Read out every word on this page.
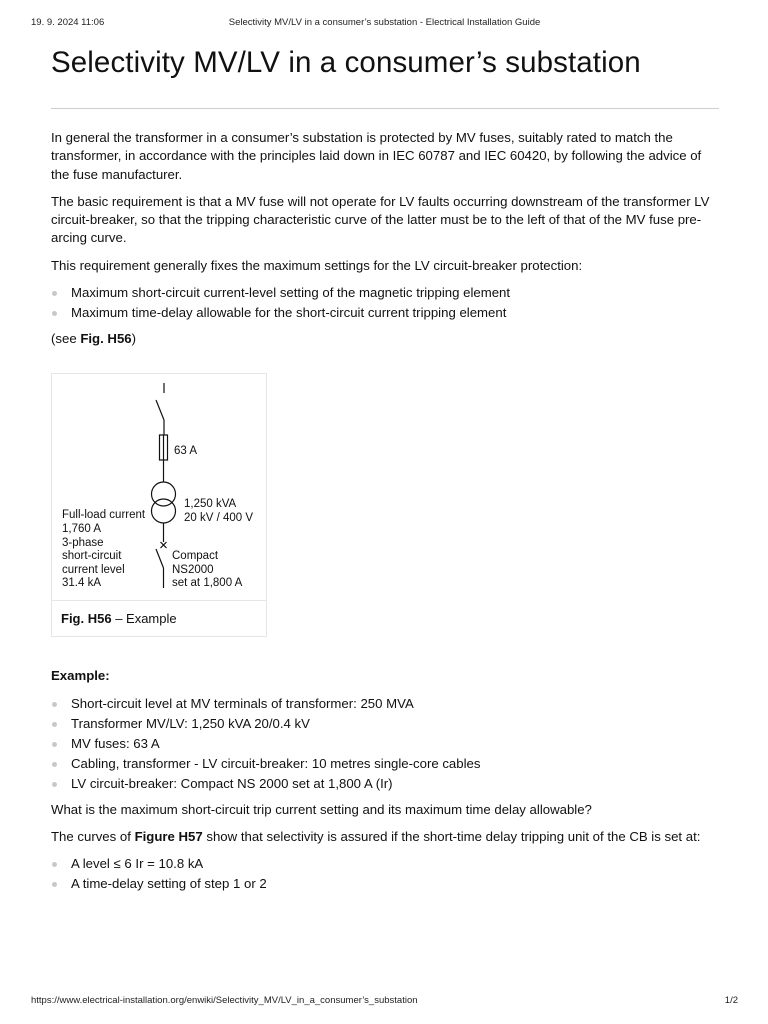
19. 9. 2024 11:06	Selectivity MV/LV in a consumer’s substation - Electrical Installation Guide
Selectivity MV/LV in a consumer’s substation

In general the transformer in a consumer’s substation is protected by MV fuses, suitably rated to match the transformer, in accordance with the principles laid down in IEC 60787 and IEC 60420, by following the advice of the fuse manufacturer.

The basic requirement is that a MV fuse will not operate for LV faults occurring downstream of the transformer LV circuit-breaker, so that the tripping characteristic curve of the latter must be to the left of that of the MV fuse pre-arcing curve.

This requirement generally fixes the maximum settings for the LV circuit-breaker protection:

Maximum short-circuit current-level setting of the magnetic tripping element
Maximum time-delay allowable for the short-circuit current tripping element

(see Fig. H56)

63 A
1,250 kVA
20 kV / 400 V
Full-load current
1,760 A
3-phase
short-circuit
current level
31.4 kA
Compact
NS2000
set at 1,800 A
Fig. H56 – Example

Example:

Short-circuit level at MV terminals of transformer: 250 MVA
Transformer MV/LV: 1,250 kVA 20/0.4 kV
MV fuses: 63 A
Cabling, transformer - LV circuit-breaker: 10 metres single-core cables
LV circuit-breaker: Compact NS 2000 set at 1,800 A (Ir)

What is the maximum short-circuit trip current setting and its maximum time delay allowable?

The curves of Figure H57 show that selectivity is assured if the short-time delay tripping unit of the CB is set at:

A level ≤ 6 Ir = 10.8 kA
A time-delay setting of step 1 or 2
https://www.electrical-installation.org/enwiki/Selectivity_MV/LV_in_a_consumer’s_substation	1/2
